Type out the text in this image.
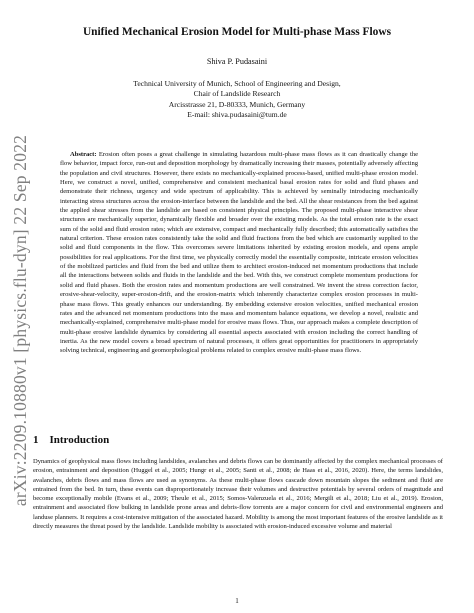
arXiv:2209.10880v1 [physics.flu-dyn] 22 Sep 2022
Unified Mechanical Erosion Model for Multi-phase Mass Flows
Shiva P. Pudasaini
Technical University of Munich, School of Engineering and Design,
Chair of Landslide Research
Arcisstrasse 21, D-80333, Munich, Germany
E-mail: shiva.pudasaini@tum.de
Abstract: Erosion often poses a great challenge in simulating hazardous multi-phase mass flows as it can drastically change the flow behavior, impact force, run-out and deposition morphology by dramatically increasing their masses, potentially adversely affecting the population and civil structures. However, there exists no mechanically-explained process-based, unified multi-phase erosion model. Here, we construct a novel, unified, comprehensive and consistent mechanical basal erosion rates for solid and fluid phases and demonstrate their richness, urgency and wide spectrum of applicability. This is achieved by seminally introducing mechanically interacting stress structures across the erosion-interface between the landslide and the bed. All the shear resistances from the bed against the applied shear stresses from the landslide are based on consistent physical principles. The proposed multi-phase interactive shear structures are mechanically superior, dynamically flexible and broader over the existing models. As the total erosion rate is the exact sum of the solid and fluid erosion rates; which are extensive, compact and mechanically fully described; this automatically satisfies the natural criterion. These erosion rates consistently take the solid and fluid fractions from the bed which are customarily supplied to the solid and fluid components in the flow. This overcomes severe limitations inherited by existing erosion models, and opens ample possibilities for real applications. For the first time, we physically correctly model the essentially composite, intricate erosion velocities of the mobilized particles and fluid from the bed and utilize them to architect erosion-induced net momentum productions that include all the interactions between solids and fluids in the landslide and the bed. With this, we construct complete momentum productions for solid and fluid phases. Both the erosion rates and momentum productions are well constrained. We invent the stress correction factor, erosive-shear-velocity, super-erosion-drift, and the erosion-matrix which inherently characterize complex erosion processes in multi-phase mass flows. This greatly enhances our understanding. By embedding extensive erosion velocities, unified mechanical erosion rates and the advanced net momentum productions into the mass and momentum balance equations, we develop a novel, realistic and mechanically-explained, comprehensive multi-phase model for erosive mass flows. Thus, our approach makes a complete description of multi-phase erosive landslide dynamics by considering all essential aspects associated with erosion including the correct handling of inertia. As the new model covers a broad spectrum of natural processes, it offers great opportunities for practitioners in appropriately solving technical, engineering and geomorphological problems related to complex erosive multi-phase mass flows.
1 Introduction
Dynamics of geophysical mass flows including landslides, avalanches and debris flows can be dominantly affected by the complex mechanical processes of erosion, entrainment and deposition (Huggel et al., 2005; Hungr et al., 2005; Santi et al., 2008; de Haas et al., 2016, 2020). Here, the terms landslides, avalanches, debris flows and mass flows are used as synonyms. As these multi-phase flows cascade down mountain slopes the sediment and fluid are entrained from the bed. In turn, these events can disproportionately increase their volumes and destructive potentials by several orders of magnitude and become exceptionally mobile (Evans et al., 2009; Theule et al., 2015; Somos-Valenzuela et al., 2016; Mergili et al., 2018; Liu et al., 2019). Erosion, entrainment and associated flow bulking in landslide prone areas and debris-flow torrents are a major concern for civil and environmental engineers and landuse planners. It requires a cost-intensive mitigation of the associated hazard. Mobility is among the most important features of the erosive landslide as it directly measures the threat posed by the landslide. Landslide mobility is associated with erosion-induced excessive volume and material
1
